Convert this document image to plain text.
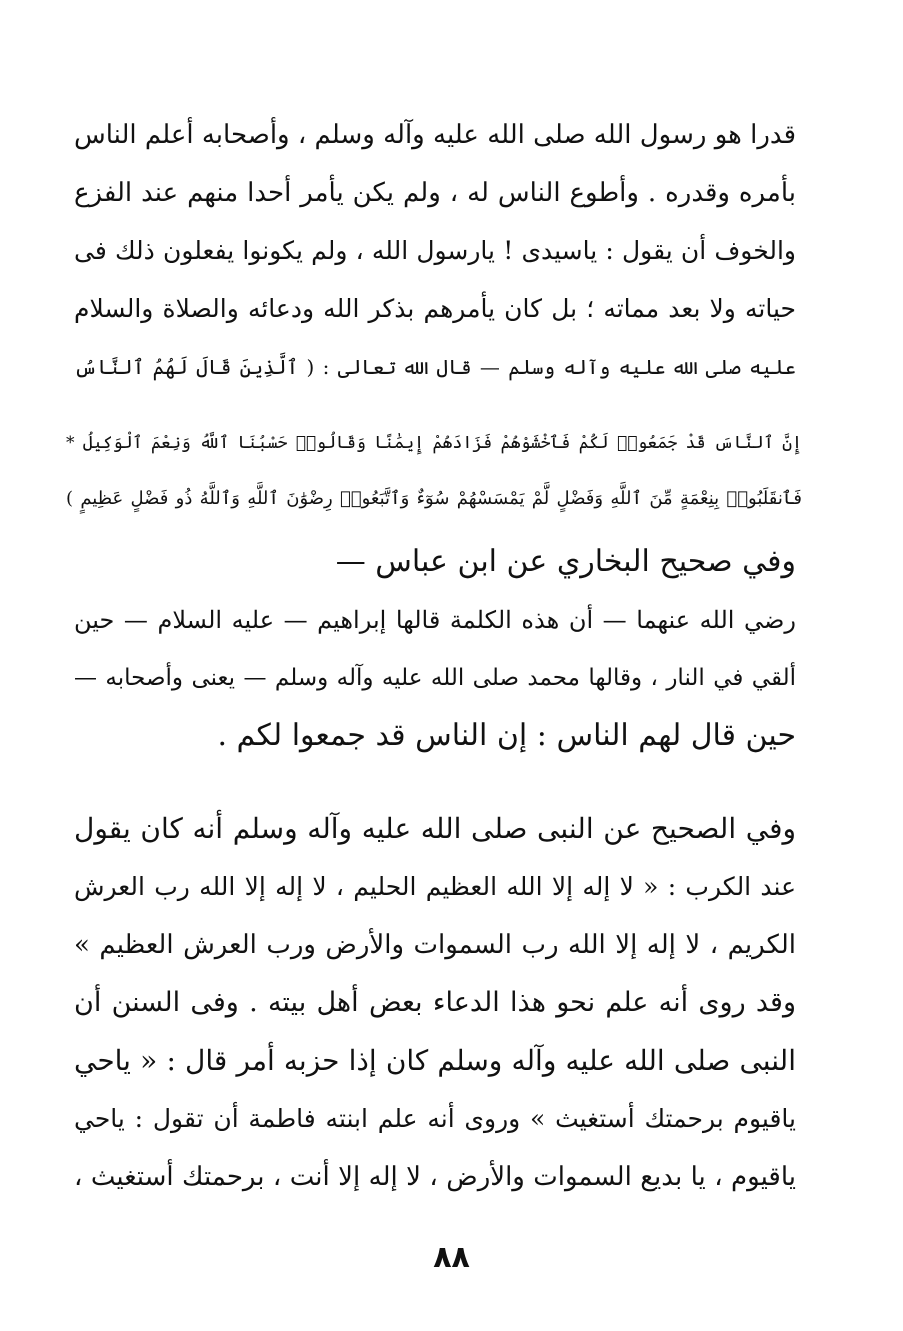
قدرا هو رسول الله صلى الله عليه وآله وسلم ، وأصحابه أعلم الناس
بأمره وقدره . وأطوع الناس له ، ولم يكن يأمر أحدا منهم عند الفزع
والخوف أن يقول : ياسيدى ! يارسول الله ، ولم يكونوا يفعلون ذلك فى
حياته ولا بعد مماته ؛ بل كان يأمرهم بذكر الله ودعائه والصلاة والسلام
عليه صلى الله عليه وآله وسلم — قال الله تعالى : ( ٱلَّذِينَ قَالَ لَهُمُ ٱلنَّاسُ
إِنَّ ٱلنَّاسَ قَدْ جَمَعُوا۟ لَكُمْ فَٱخْشَوْهُمْ فَزَادَهُمْ إِيمَٰنًا وَقَالُوا۟ حَسْبُنَا ٱللَّهُ وَنِعْمَ ٱلْوَكِيلُ *
فَٱنقَلَبُوا۟ بِنِعْمَةٍ مِّنَ ٱللَّهِ وَفَضْلٍ لَّمْ يَمْسَسْهُمْ سُوٓءٌ وَٱتَّبَعُوا۟ رِضْوَٰنَ ٱللَّهِ وَٱللَّهُ ذُو فَضْلٍ عَظِيمٍ )
وفي صحيح البخاري عن ابن عباس —
رضي الله عنهما — أن هذه الكلمة قالها إبراهيم — عليه السلام — حين
ألقي في النار ، وقالها محمد صلى الله عليه وآله وسلم — يعنى وأصحابه —
حين قال لهم الناس : إن الناس قد جمعوا لكم .
وفي الصحيح عن النبى صلى الله عليه وآله وسلم أنه كان يقول
عند الكرب : « لا إله إلا الله العظيم الحليم ، لا إله إلا الله رب العرش
الكريم ، لا إله إلا الله رب السموات والأرض ورب العرش العظيم »
وقد روى أنه علم نحو هذا الدعاء بعض أهل بيته . وفى السنن أن
النبى صلى الله عليه وآله وسلم كان إذا حزبه أمر قال : « ياحي
ياقيوم برحمتك أستغيث » وروى أنه علم ابنته فاطمة أن تقول : ياحي
ياقيوم ، يا بديع السموات والأرض ، لا إله إلا أنت ، برحمتك أستغيث ،
٨٨
